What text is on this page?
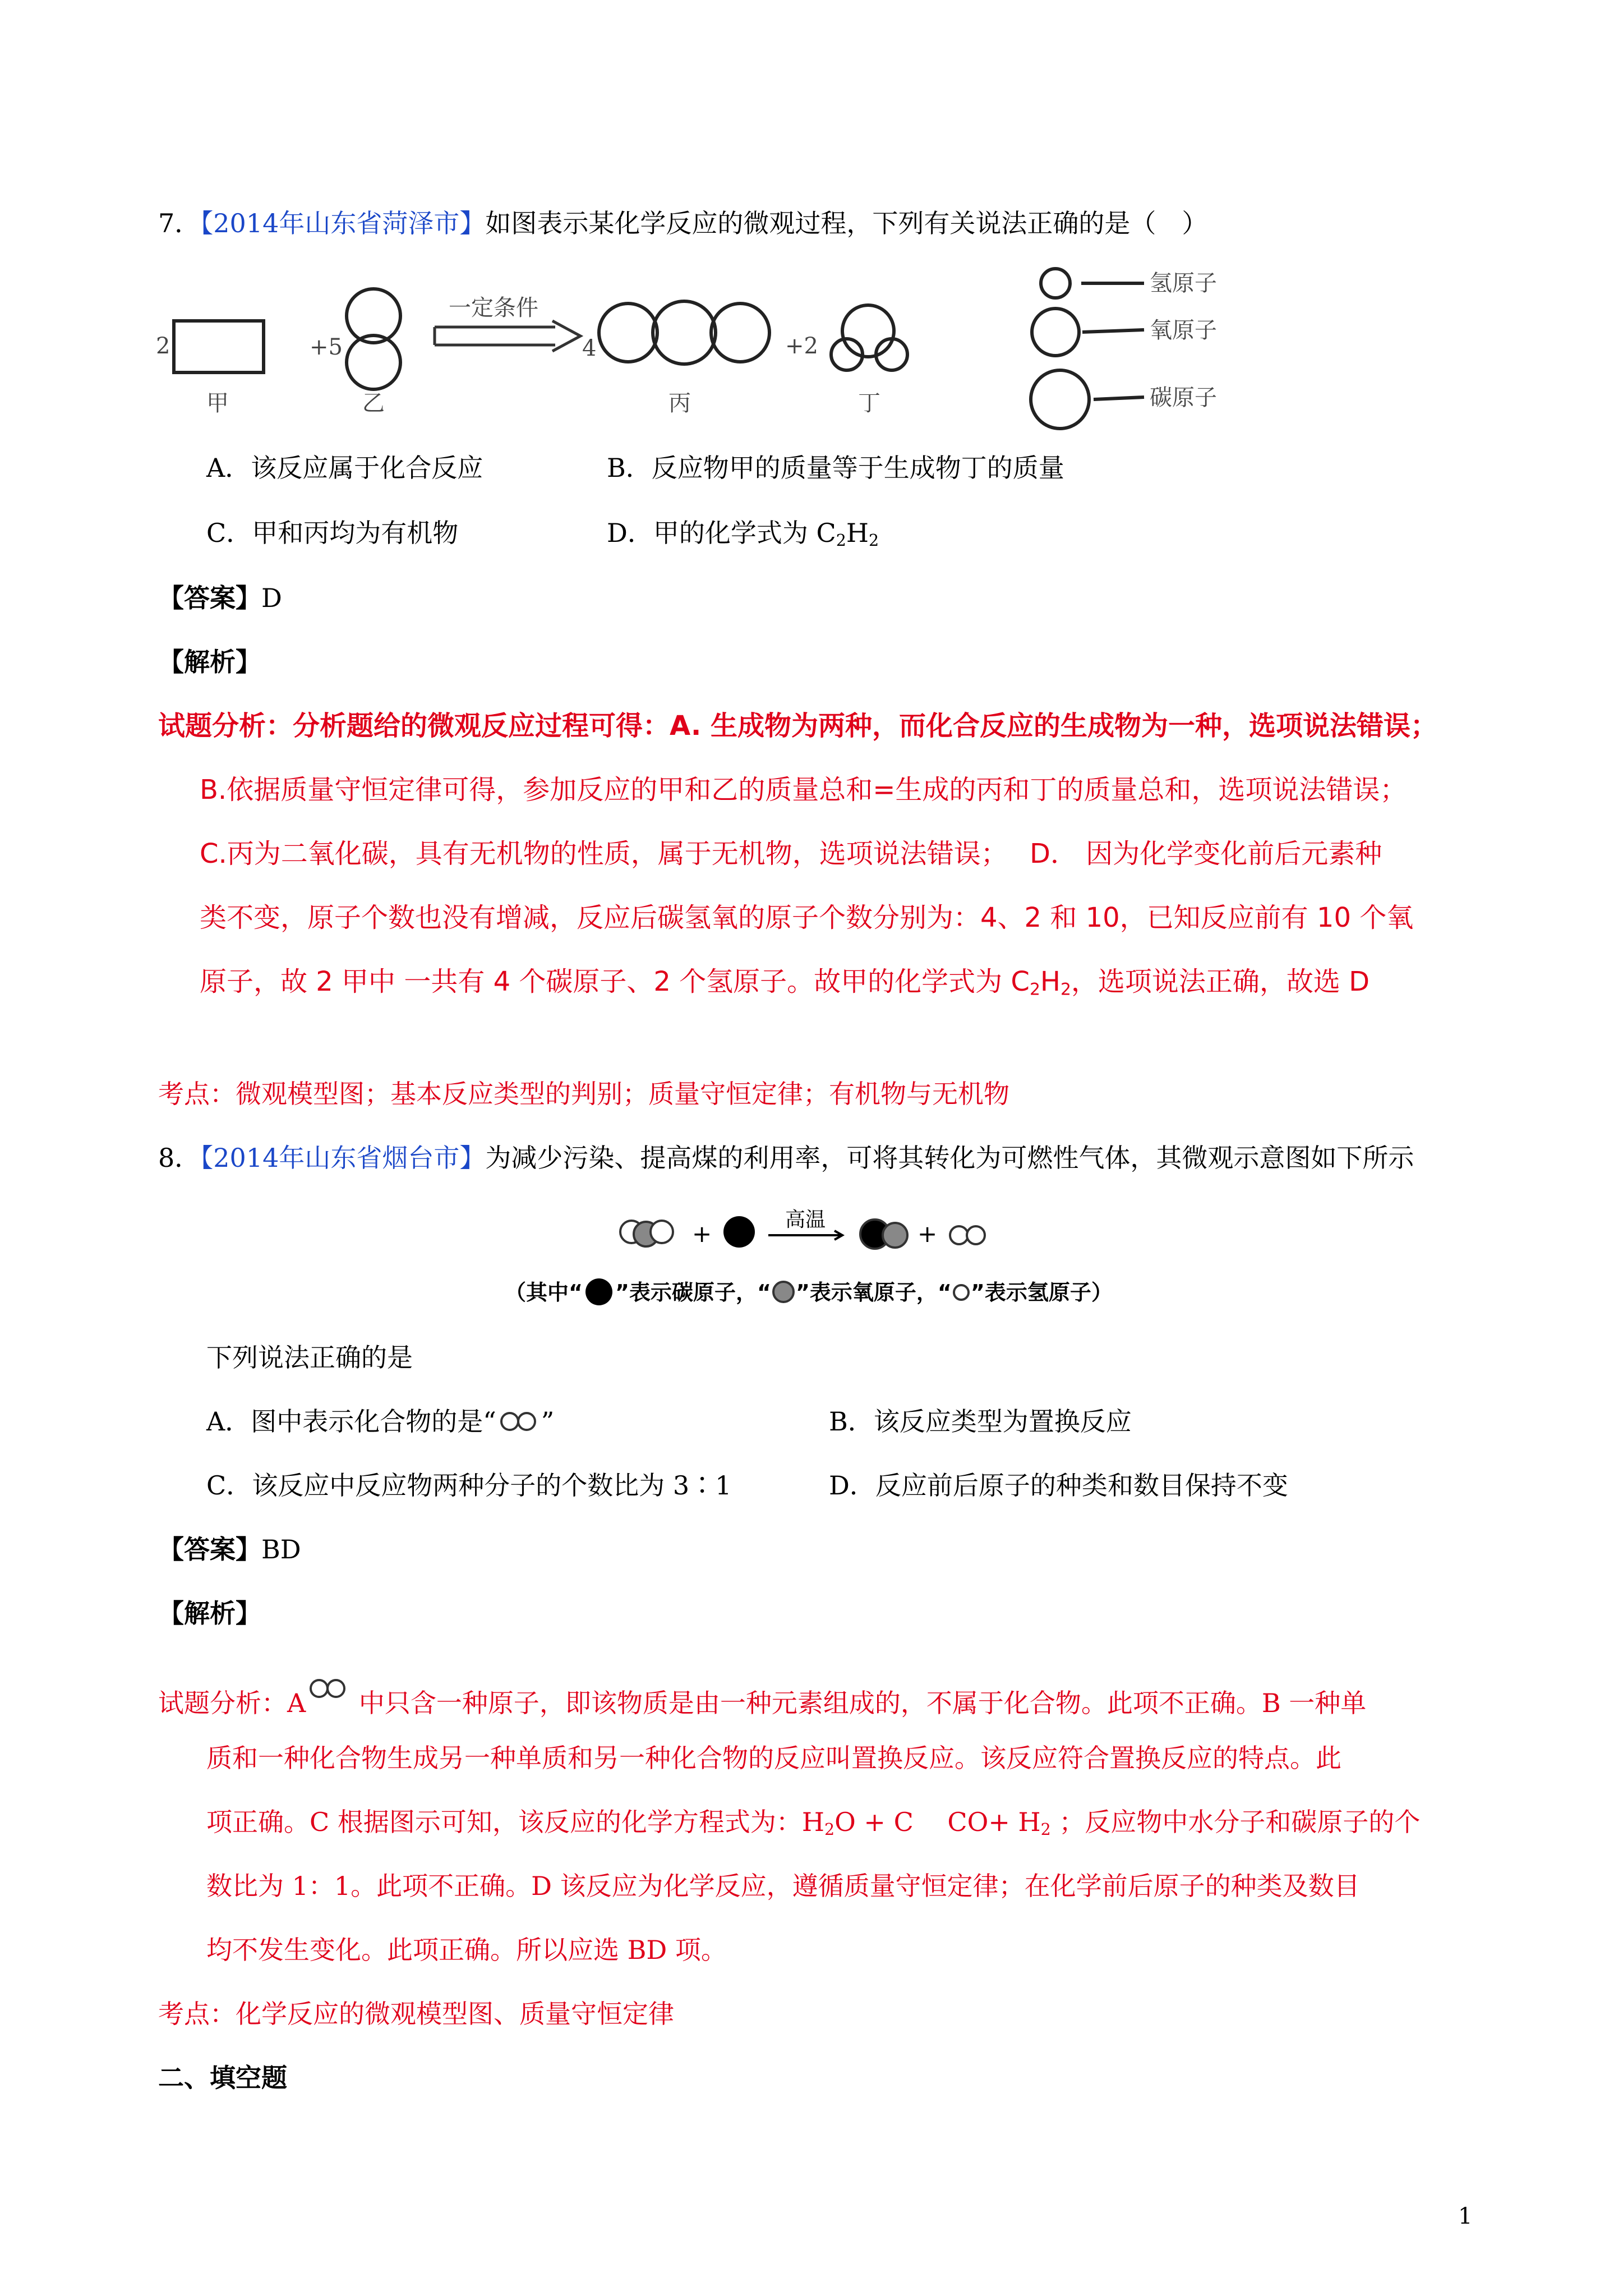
7．【2014年山东省菏泽市】如图表示某化学反应的微观过程，下列有关说法正确的是（　）
2	+5	4	+2
一定条件
甲	乙	丙	丁
氢原子
氧原子
碳原子
A．该反应属于化合反应	B．反应物甲的质量等于生成物丁的质量
C．甲和丙均为有机物	D．甲的化学式为 $C_2H_2$
【答案】D
【解析】
试题分析：分析题给的微观反应过程可得：A. 生成物为两种，而化合反应的生成物为一种，选项说法错误；
B.依据质量守恒定律可得，参加反应的甲和乙的质量总和=生成的丙和丁的质量总和，选项说法错误；
C.丙为二氧化碳，具有无机物的性质，属于无机物，选项说法错误；　 D． 因为化学变化前后元素种
类不变，原子个数也没有增减，反应后碳氢氧的原子个数分别为：4、2 和 10，已知反应前有 10 个氧
原子，故 2 甲中 一共有 4 个碳原子、2 个氢原子。故甲的化学式为 $C_2H_2$，选项说法正确，故选 D
考点：微观模型图；基本反应类型的判别；质量守恒定律；有机物与无机物
8．【2014年山东省烟台市】为减少污染、提高煤的利用率，可将其转化为可燃性气体，其微观示意图如下所示
+
高温
+
（其中“ ”表示碳原子，“ ”表示氧原子，“ ”表示氢原子）
下列说法正确的是
A．图中表示化合物的是“ ”	B．该反应类型为置换反应
C．该反应中反应物两种分子的个数比为 3∶1	D．反应前后原子的种类和数目保持不变
【答案】BD
【解析】
试题分析：A 中只含一种原子，即该物质是由一种元素组成的，不属于化合物。此项不正确。B 一种单
质和一种化合物生成另一种单质和另一种化合物的反应叫置换反应。该反应符合置换反应的特点。此
项正确。C 根据图示可知，该反应的化学方程式为：$H_2O + C$　 $CO+ H_2$ ；反应物中水分子和碳原子的个
数比为 1：1。此项不正确。D 该反应为化学反应，遵循质量守恒定律；在化学前后原子的种类及数目
均不发生变化。此项正确。所以应选 BD 项。
考点：化学反应的微观模型图、质量守恒定律
二、填空题
1
